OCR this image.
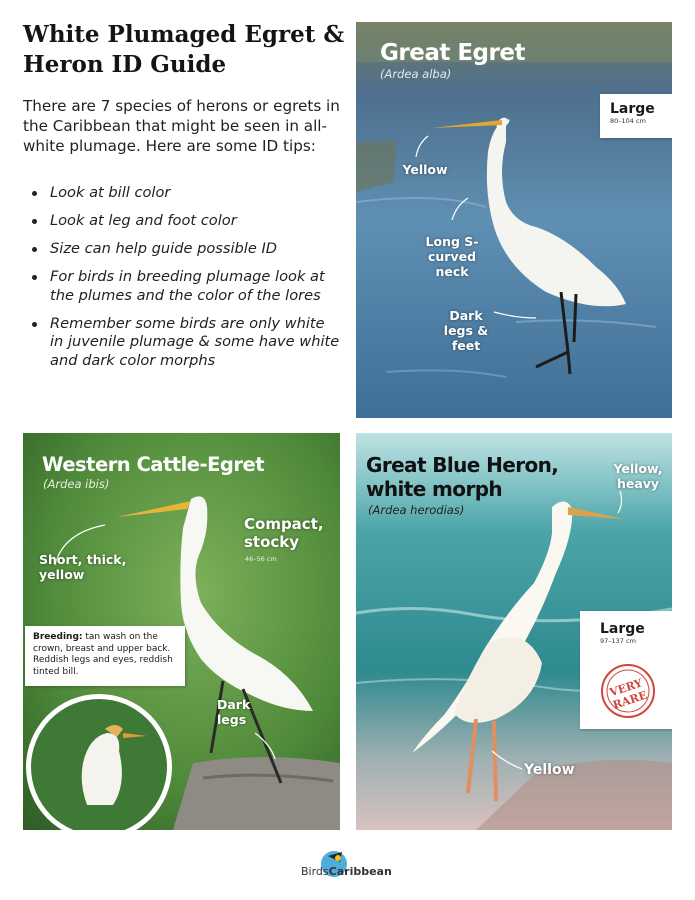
White Plumaged Egret &
Heron ID Guide

There are 7 species of herons or egrets in the Caribbean that might be seen in all-white plumage. Here are some ID tips:

Look at bill color
Look at leg and foot color
Size can help guide possible ID
For birds in breeding plumage look at the plumes and the color of the lores
Remember some birds are only white in juvenile plumage & some have white and dark color morphs
Great Egret
(Ardea alba)
Large
80–104 cm
Yellow
Long S-curved neck
Dark legs & feet
Western Cattle-Egret
(Ardea ibis)
Compact, stocky
46–56 cm
Short, thick, yellow
Breeding: tan wash on the crown, breast and upper back. Reddish legs and eyes, reddish tinted bill.
Dark legs
Great Blue Heron,
white morph
(Ardea herodias)
Yellow, heavy
Large
97–137 cm
VERY RARE
Yellow
BirdsCaribbean
